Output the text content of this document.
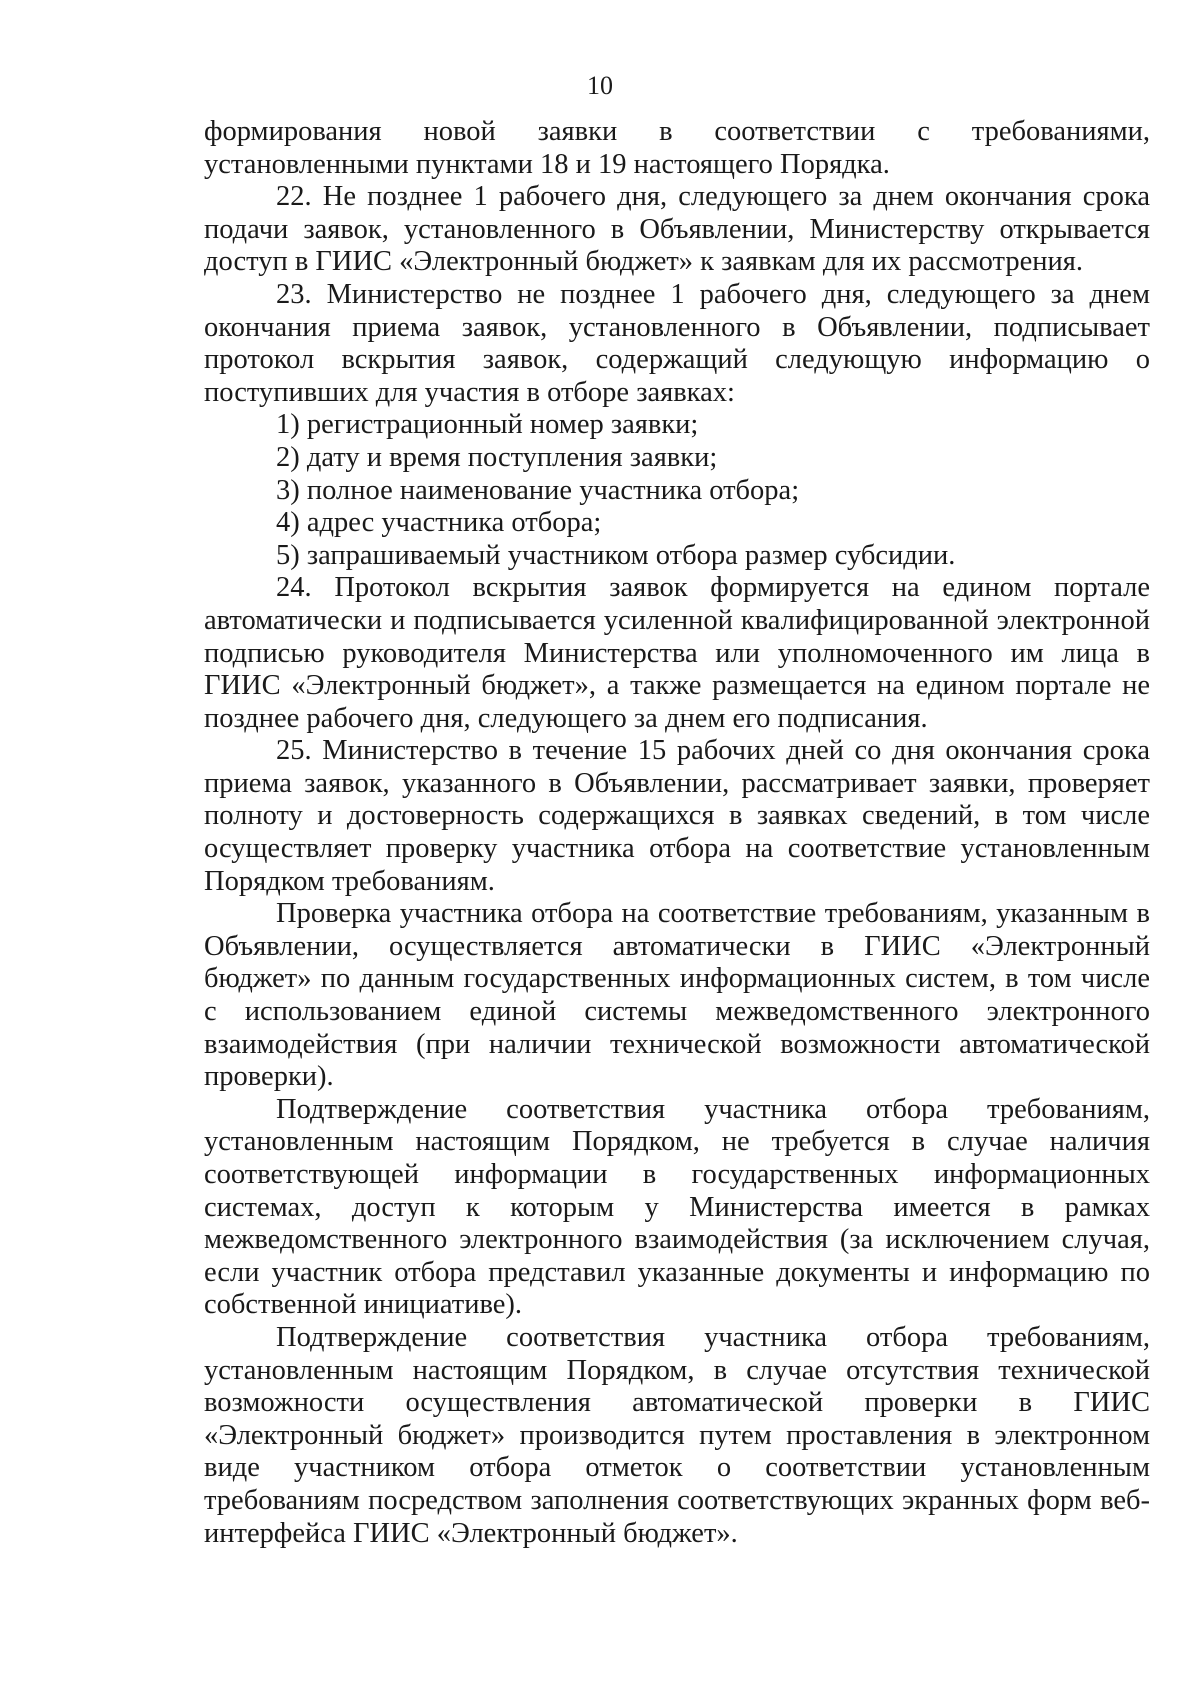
10

формирования новой заявки в соответствии с требованиями, установленными пунктами 18 и 19 настоящего Порядка.

22. Не позднее 1 рабочего дня, следующего за днем окончания срока подачи заявок, установленного в Объявлении, Министерству открывается доступ в ГИИС «Электронный бюджет» к заявкам для их рассмотрения.

23. Министерство не позднее 1 рабочего дня, следующего за днем окончания приема заявок, установленного в Объявлении, подписывает протокол вскрытия заявок, содержащий следующую информацию о поступивших для участия в отборе заявках:

1) регистрационный номер заявки;

2) дату и время поступления заявки;

3) полное наименование участника отбора;

4) адрес участника отбора;

5) запрашиваемый участником отбора размер субсидии.

24. Протокол вскрытия заявок формируется на едином портале автоматически и подписывается усиленной квалифицированной электронной подписью руководителя Министерства или уполномоченного им лица в ГИИС «Электронный бюджет», а также размещается на едином портале не позднее рабочего дня, следующего за днем его подписания.

25. Министерство в течение 15 рабочих дней со дня окончания срока приема заявок, указанного в Объявлении, рассматривает заявки, проверяет полноту и достоверность содержащихся в заявках сведений, в том числе осуществляет проверку участника отбора на соответствие установленным Порядком требованиям.

Проверка участника отбора на соответствие требованиям, указанным в Объявлении, осуществляется автоматически в ГИИС «Электронный бюджет» по данным государственных информационных систем, в том числе с использованием единой системы межведомственного электронного взаимодействия (при наличии технической возможности автоматической проверки).

Подтверждение соответствия участника отбора требованиям, установленным настоящим Порядком, не требуется в случае наличия соответствующей информации в государственных информационных системах, доступ к которым у Министерства имеется в рамках межведомственного электронного взаимодействия (за исключением случая, если участник отбора представил указанные документы и информацию по собственной инициативе).

Подтверждение соответствия участника отбора требованиям, установленным настоящим Порядком, в случае отсутствия технической возможности осуществления автоматической проверки в ГИИС «Электронный бюджет» производится путем проставления в электронном виде участником отбора отметок о соответствии установленным требованиям посредством заполнения соответствующих экранных форм веб-интерфейса ГИИС «Электронный бюджет».
